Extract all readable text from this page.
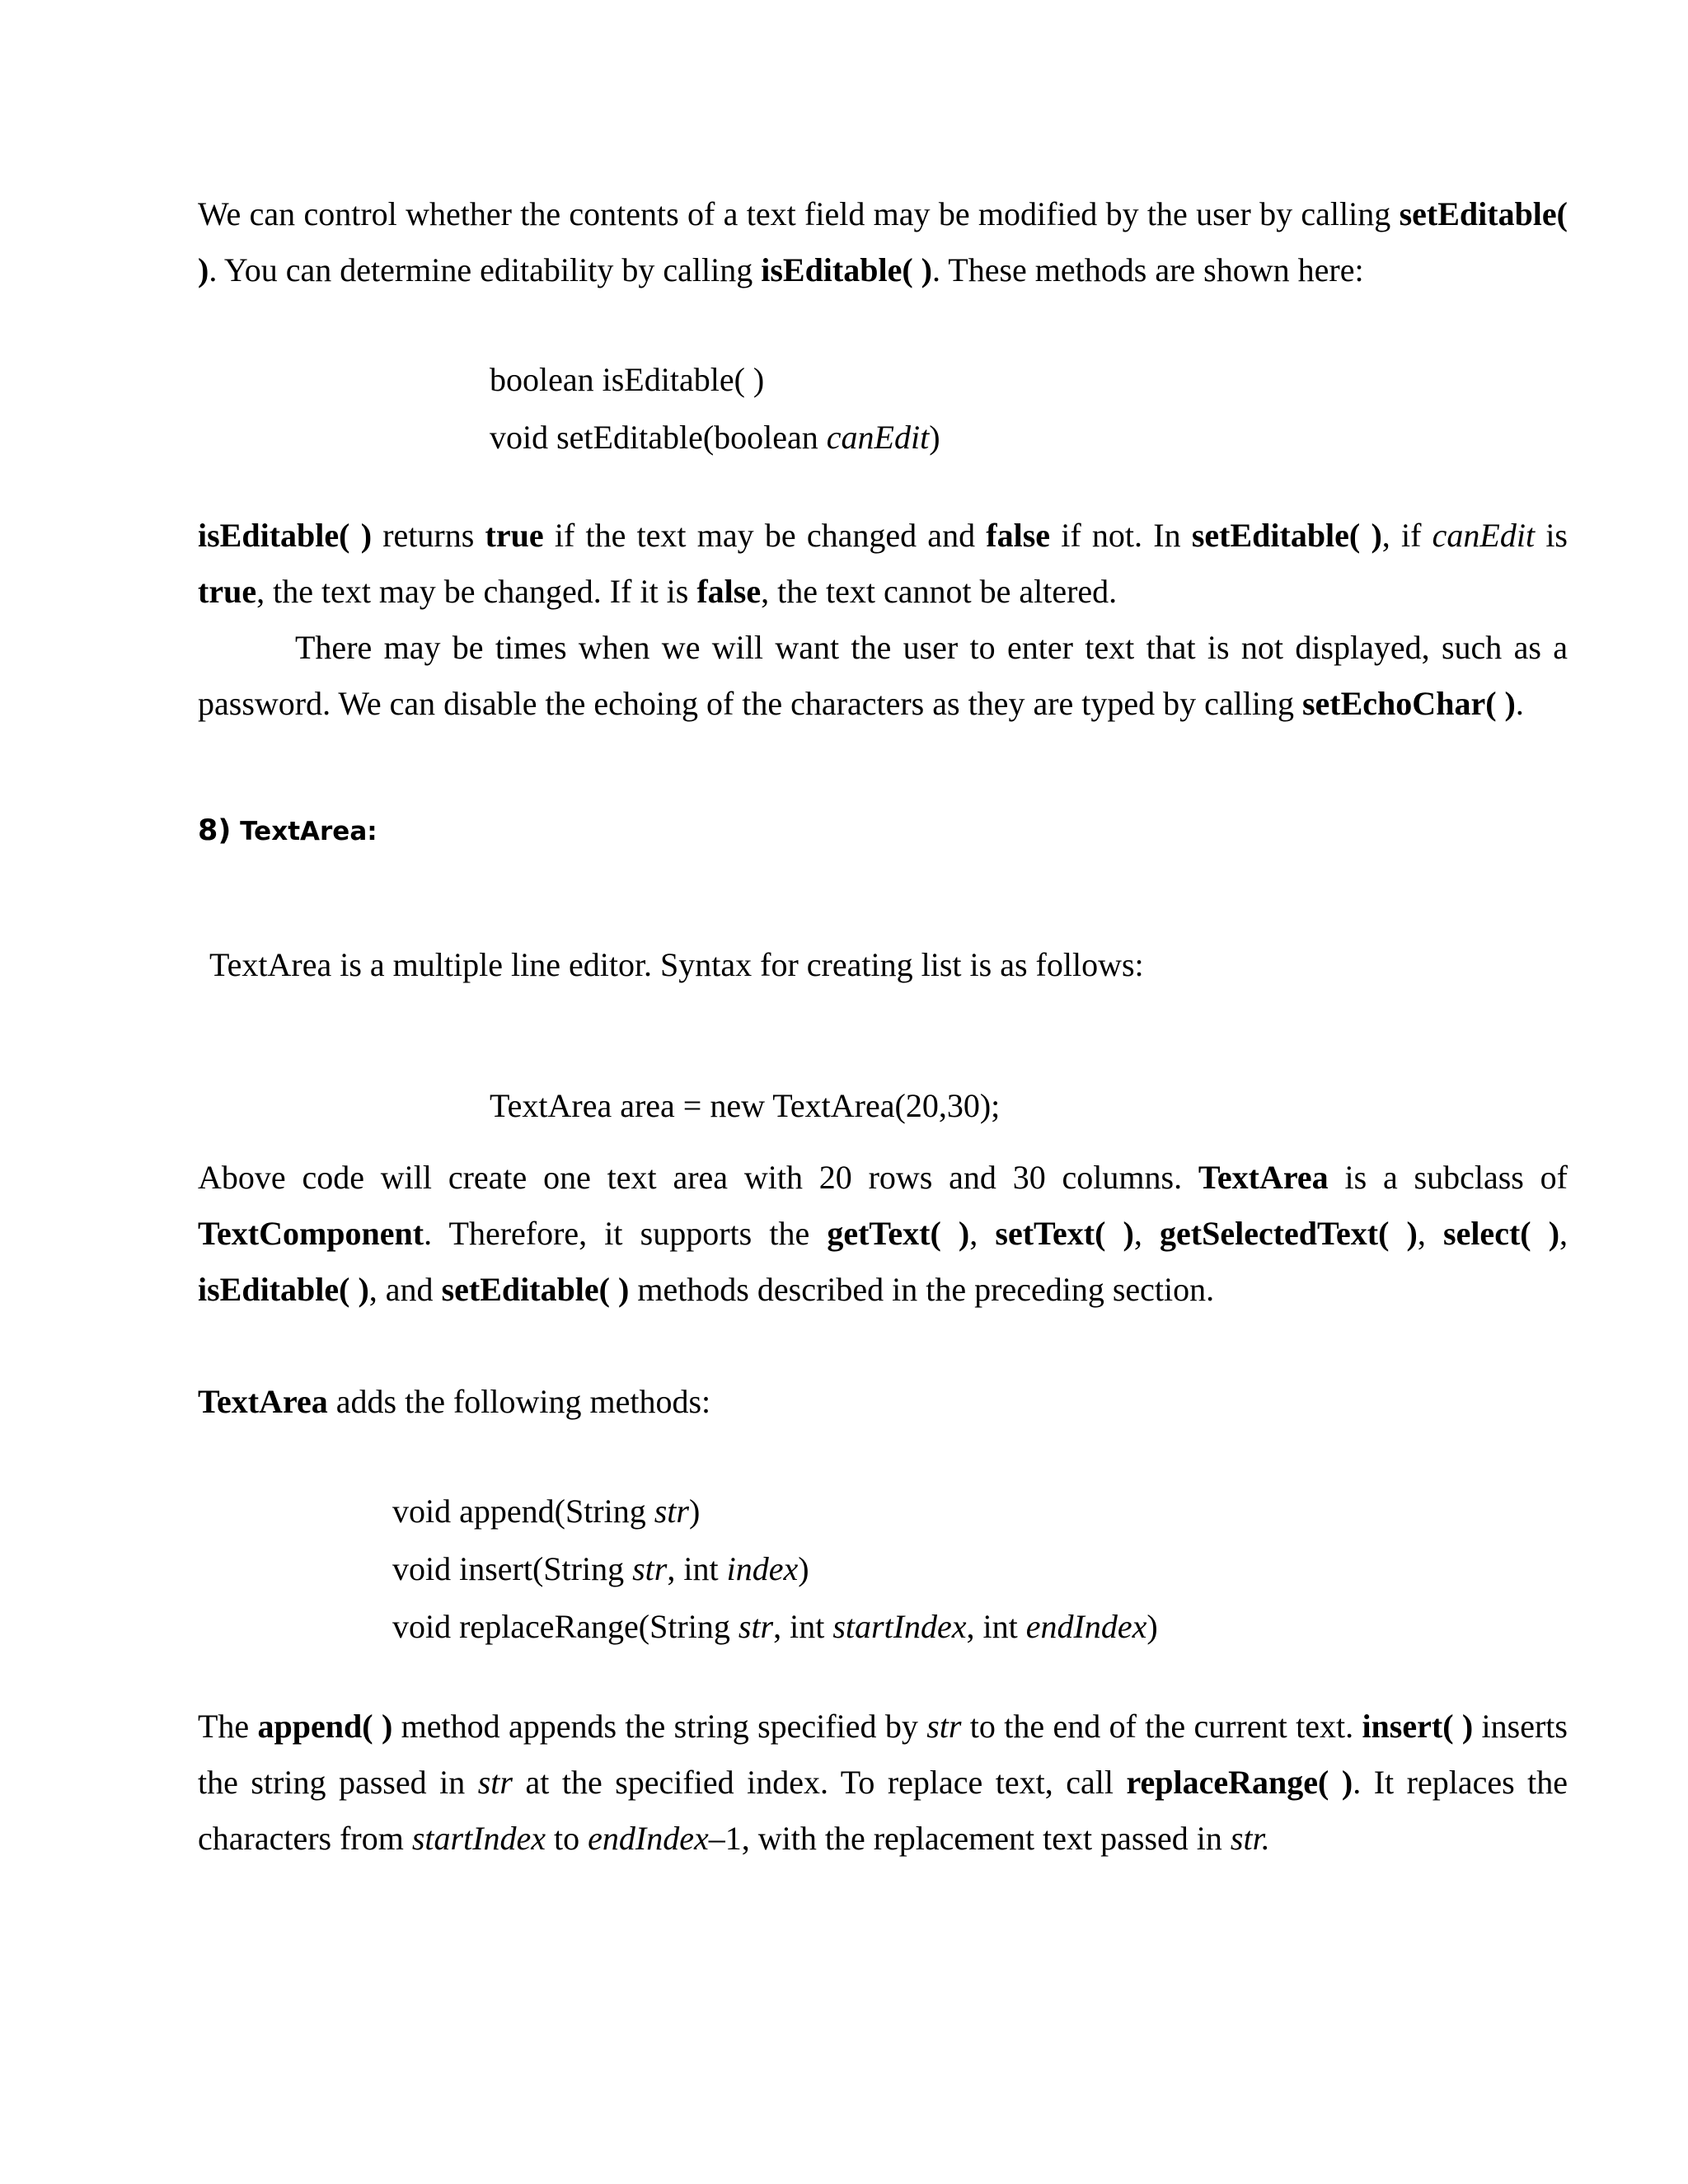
We can control whether the contents of a text field may be modified by the user by calling setEditable( ). You can determine editability by calling isEditable( ). These methods are shown here:

boolean isEditable( )
void setEditable(boolean canEdit)

isEditable( ) returns true if the text may be changed and false if not. In setEditable( ), if canEdit is true, the text may be changed. If it is false, the text cannot be altered.

There may be times when we will want the user to enter text that is not displayed, such as a password. We can disable the echoing of the characters as they are typed by calling setEchoChar( ).

8) TextArea:

TextArea is a multiple line editor. Syntax for creating list is as follows:

TextArea area = new TextArea(20,30);

Above code will create one text area with 20 rows and 30 columns. TextArea is a subclass of TextComponent. Therefore, it supports the getText( ), setText( ), getSelectedText( ), select( ), isEditable( ), and setEditable( ) methods described in the preceding section.

TextArea adds the following methods:

void append(String str)
void insert(String str, int index)
void replaceRange(String str, int startIndex, int endIndex)

The append( ) method appends the string specified by str to the end of the current text. insert( ) inserts the string passed in str at the specified index. To replace text, call replaceRange( ). It replaces the characters from startIndex to endIndex–1, with the replacement text passed in str.
